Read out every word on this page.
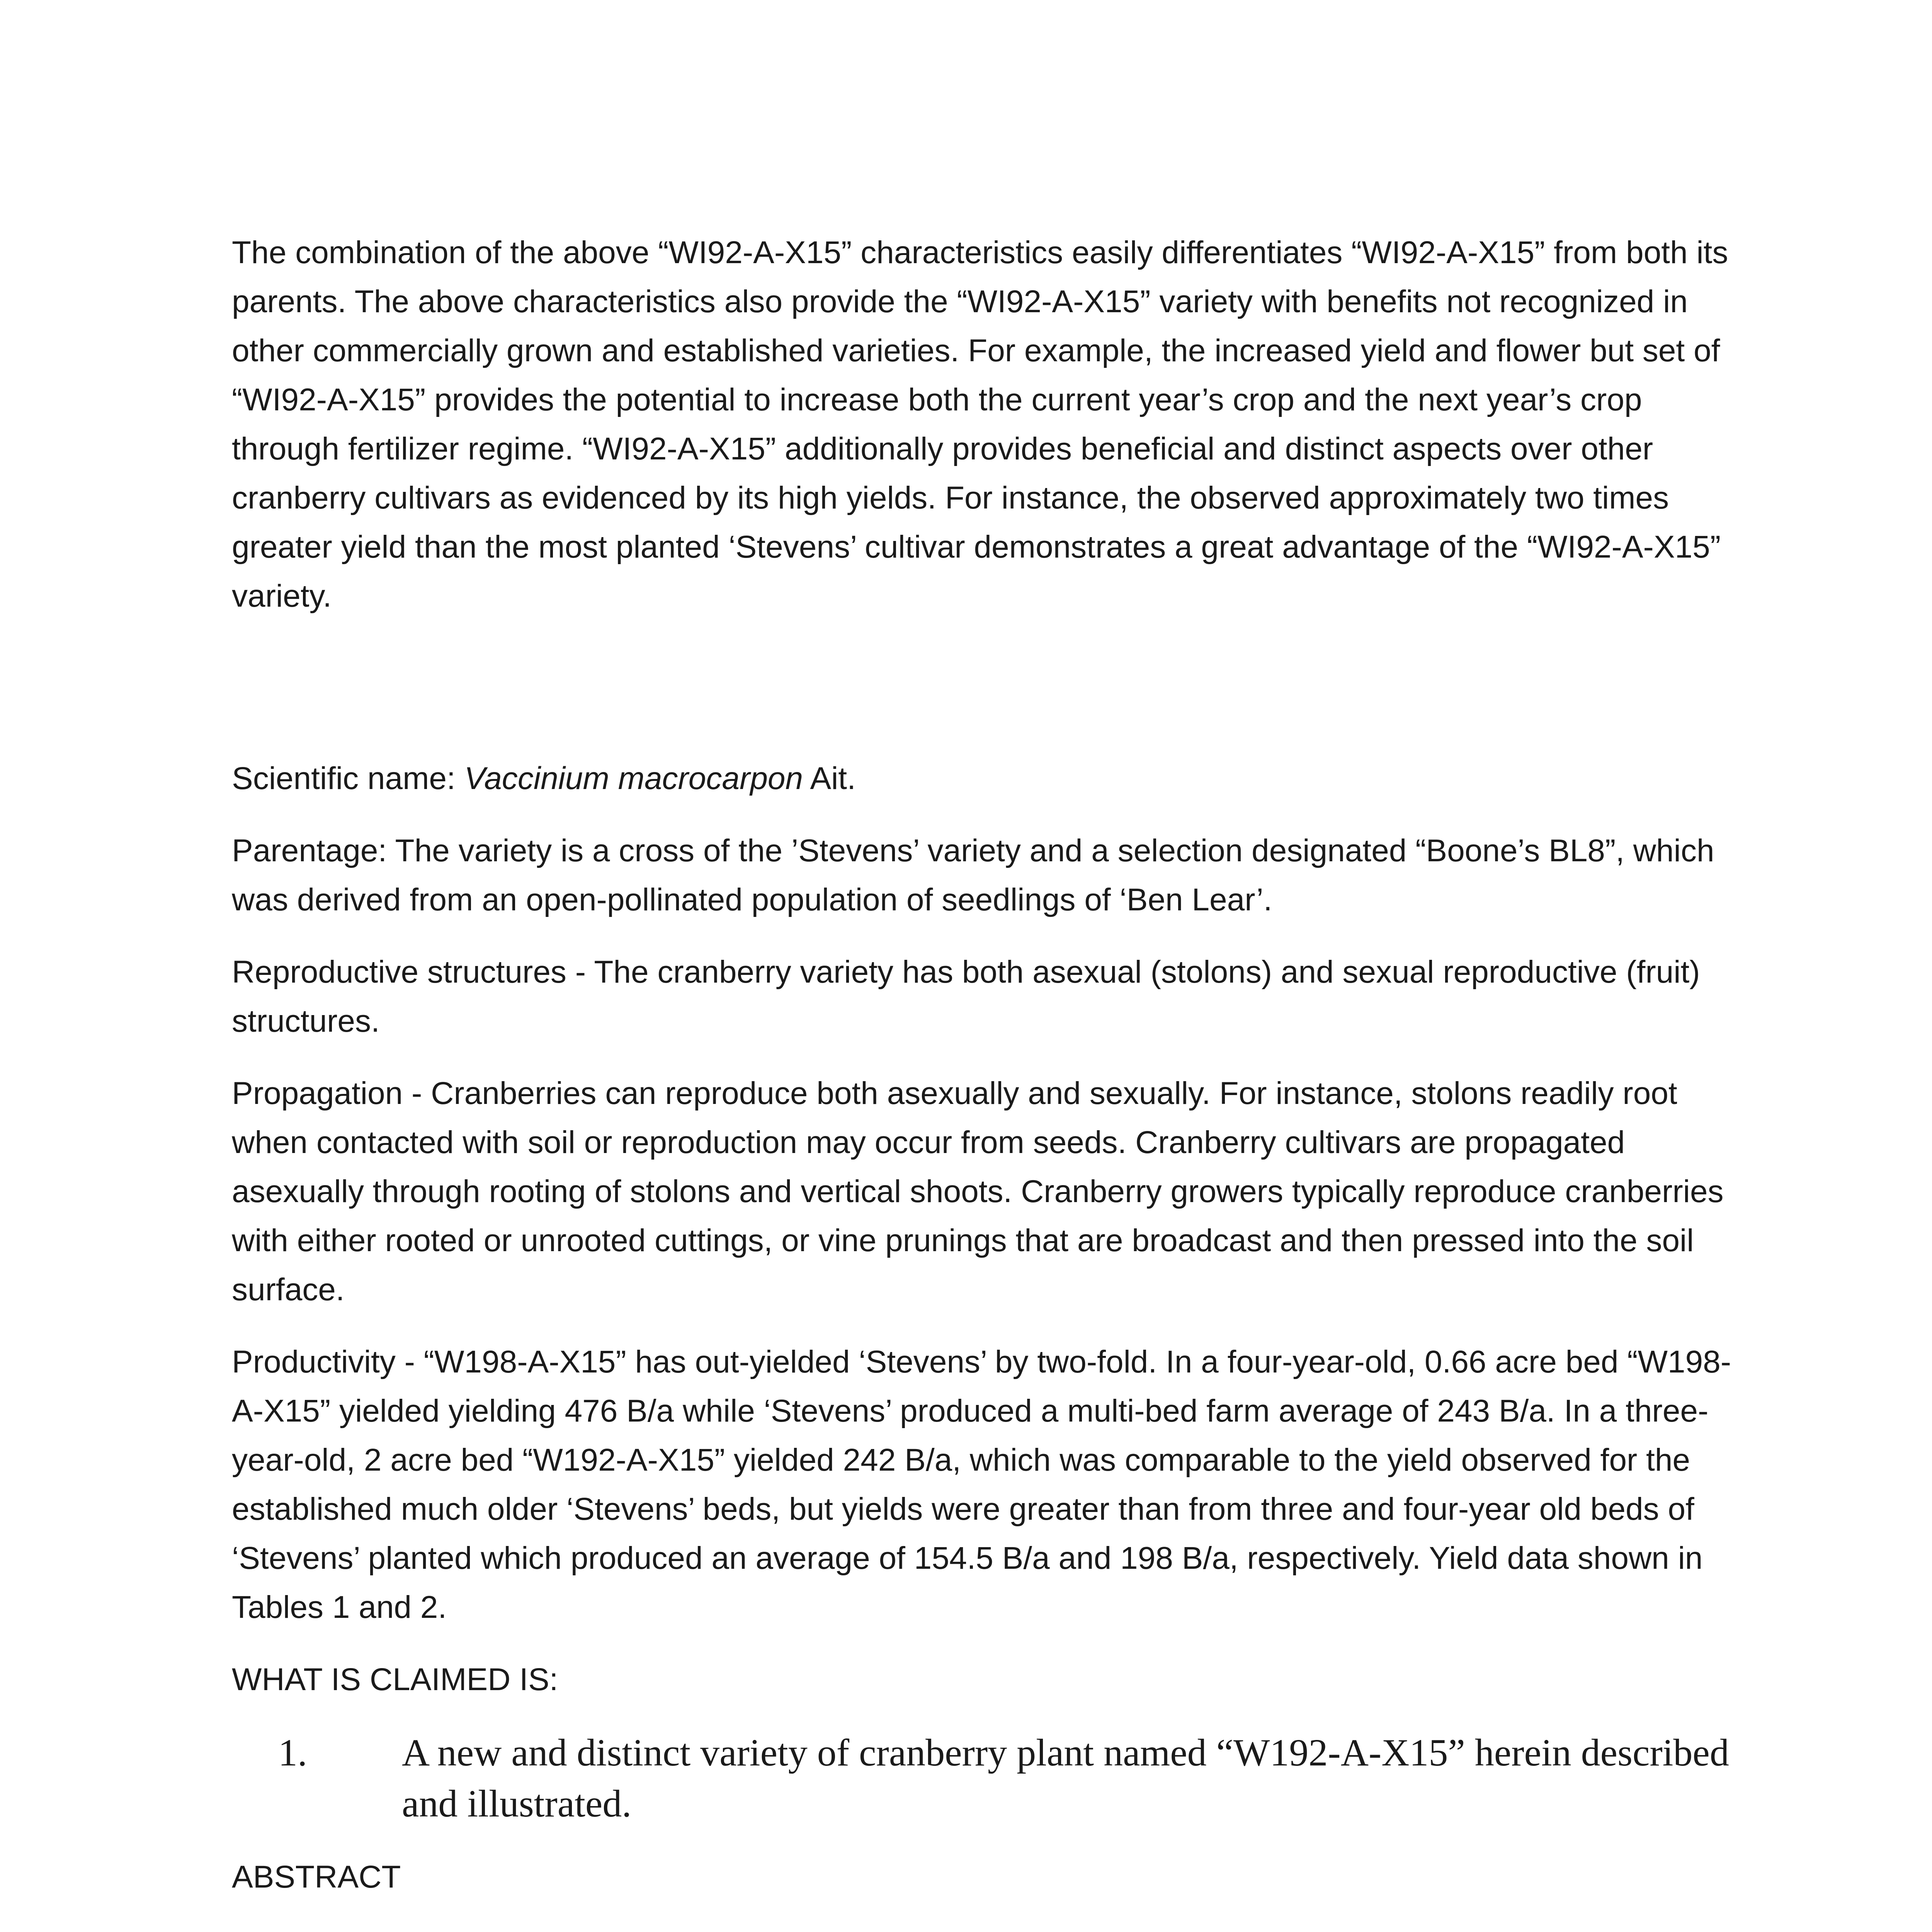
The combination of the above “WI92-A-X15” characteristics easily differentiates “WI92-A-X15” from both its parents. The above characteristics also provide the “WI92-A-X15” variety with benefits not recognized in other commercially grown and established varieties. For example, the increased yield and flower but set of “WI92-A-X15” provides the potential to increase both the current year’s crop and the next year’s crop through fertilizer regime. “WI92-A-X15” additionally provides beneficial and distinct aspects over other cranberry cultivars as evidenced by its high yields. For instance, the observed approximately two times greater yield than the most planted ‘Stevens’ cultivar demonstrates a great advantage of the “WI92-A-X15” variety.

Scientific name: Vaccinium macrocarpon Ait.

Parentage: The variety is a cross of the ’Stevens’ variety and a selection designated “Boone’s BL8”, which was derived from an open-pollinated population of seedlings of ‘Ben Lear’.

Reproductive structures - The cranberry variety has both asexual (stolons) and sexual reproductive (fruit) structures.

Propagation - Cranberries can reproduce both asexually and sexually. For instance, stolons readily root when contacted with soil or reproduction may occur from seeds. Cranberry cultivars are propagated asexually through rooting of stolons and vertical shoots. Cranberry growers typically reproduce cranberries with either rooted or unrooted cuttings, or vine prunings that are broadcast and then pressed into the soil surface.

Productivity - “W198-A-X15” has out-yielded ‘Stevens’ by two-fold. In a four-year-old, 0.66 acre bed “W198-A-X15” yielded yielding 476 B/a while ‘Stevens’ produced a multi-bed farm average of 243 B/a. In a three-year-old, 2 acre bed “W192-A-X15” yielded 242 B/a, which was comparable to the yield observed for the established much older ‘Stevens’ beds, but yields were greater than from three and four-year old beds of ‘Stevens’ planted which produced an average of 154.5 B/a and 198 B/a, respectively. Yield data shown in Tables 1 and 2.

WHAT IS CLAIMED IS:

1.	A new and distinct variety of cranberry plant named “W192-A-X15” herein described and illustrated.

ABSTRACT
